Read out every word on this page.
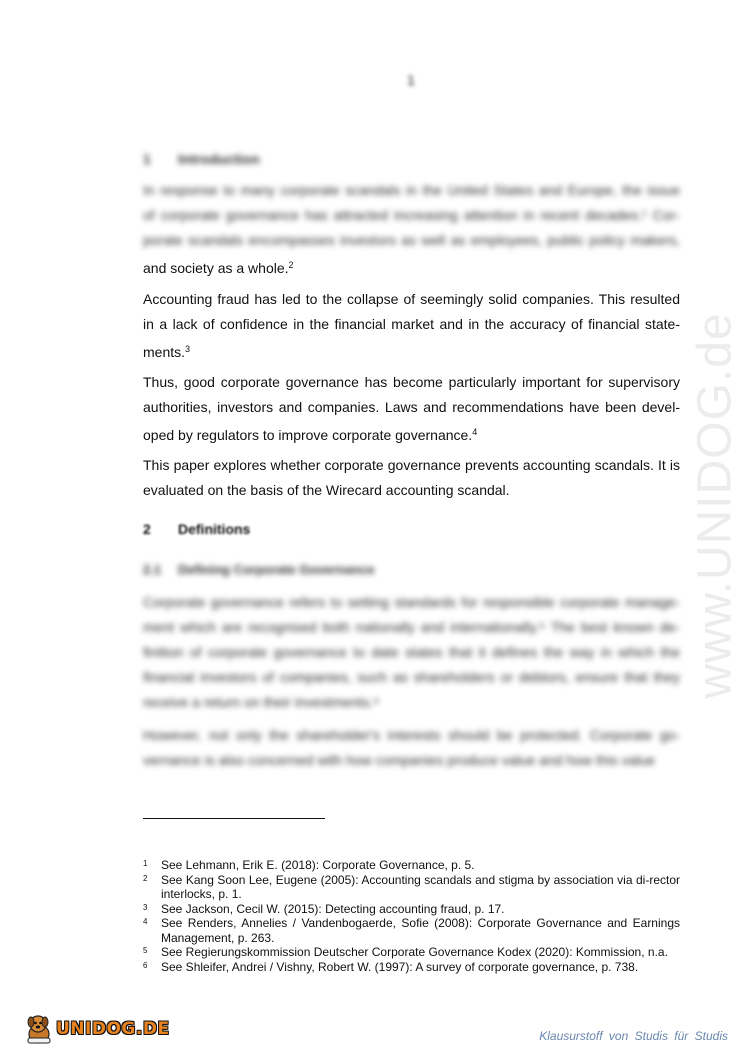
1
www.UNIDOG.de
1 Introduction

In response to many corporate scandals in the United States and Europe, the issue
of corporate governance has attracted increasing attention in recent decades.¹ Cor-
porate scandals encompasses investors as well as employees, public policy makers,
and society as a whole.$^2$

Accounting fraud has led to the collapse of seemingly solid companies. This resulted in a lack of confidence in the financial market and in the accuracy of financial state-ments.$^3$

Thus, good corporate governance has become particularly important for supervisory authorities, investors and companies. Laws and recommendations have been devel-oped by regulators to improve corporate governance.$^4$

This paper explores whether corporate governance prevents accounting scandals. It is evaluated on the basis of the Wirecard accounting scandal.

2 Definitions
2.1 Defining Corporate Governance

Corporate governance refers to setting standards for responsible corporate manage-ment which are recognised both nationally and internationally.⁵ The best known de-finition of corporate governance to date states that it defines the way in which the financial investors of companies, such as shareholders or debtors, ensure that they receive a return on their investments.⁶

However, not only the shareholder's interests should be protected. Corporate go-vernance is also concerned with how companies produce value and how this value

1	See Lehmann, Erik E. (2018): Corporate Governance, p. 5.
2	See Kang Soon Lee, Eugene (2005): Accounting scandals and stigma by association via di-rector interlocks, p. 1.
3	See Jackson, Cecil W. (2015): Detecting accounting fraud, p. 17.
4	See Renders, Annelies / Vandenbogaerde, Sofie (2008): Corporate Governance and Earnings Management, p. 263.
5	See Regierungskommission Deutscher Corporate Governance Kodex (2020): Kommission, n.a.
6	See Shleifer, Andrei / Vishny, Robert W. (1997): A survey of corporate governance, p. 738.
UNIDOG.DE	Klausurstoff von Studis für Studis
